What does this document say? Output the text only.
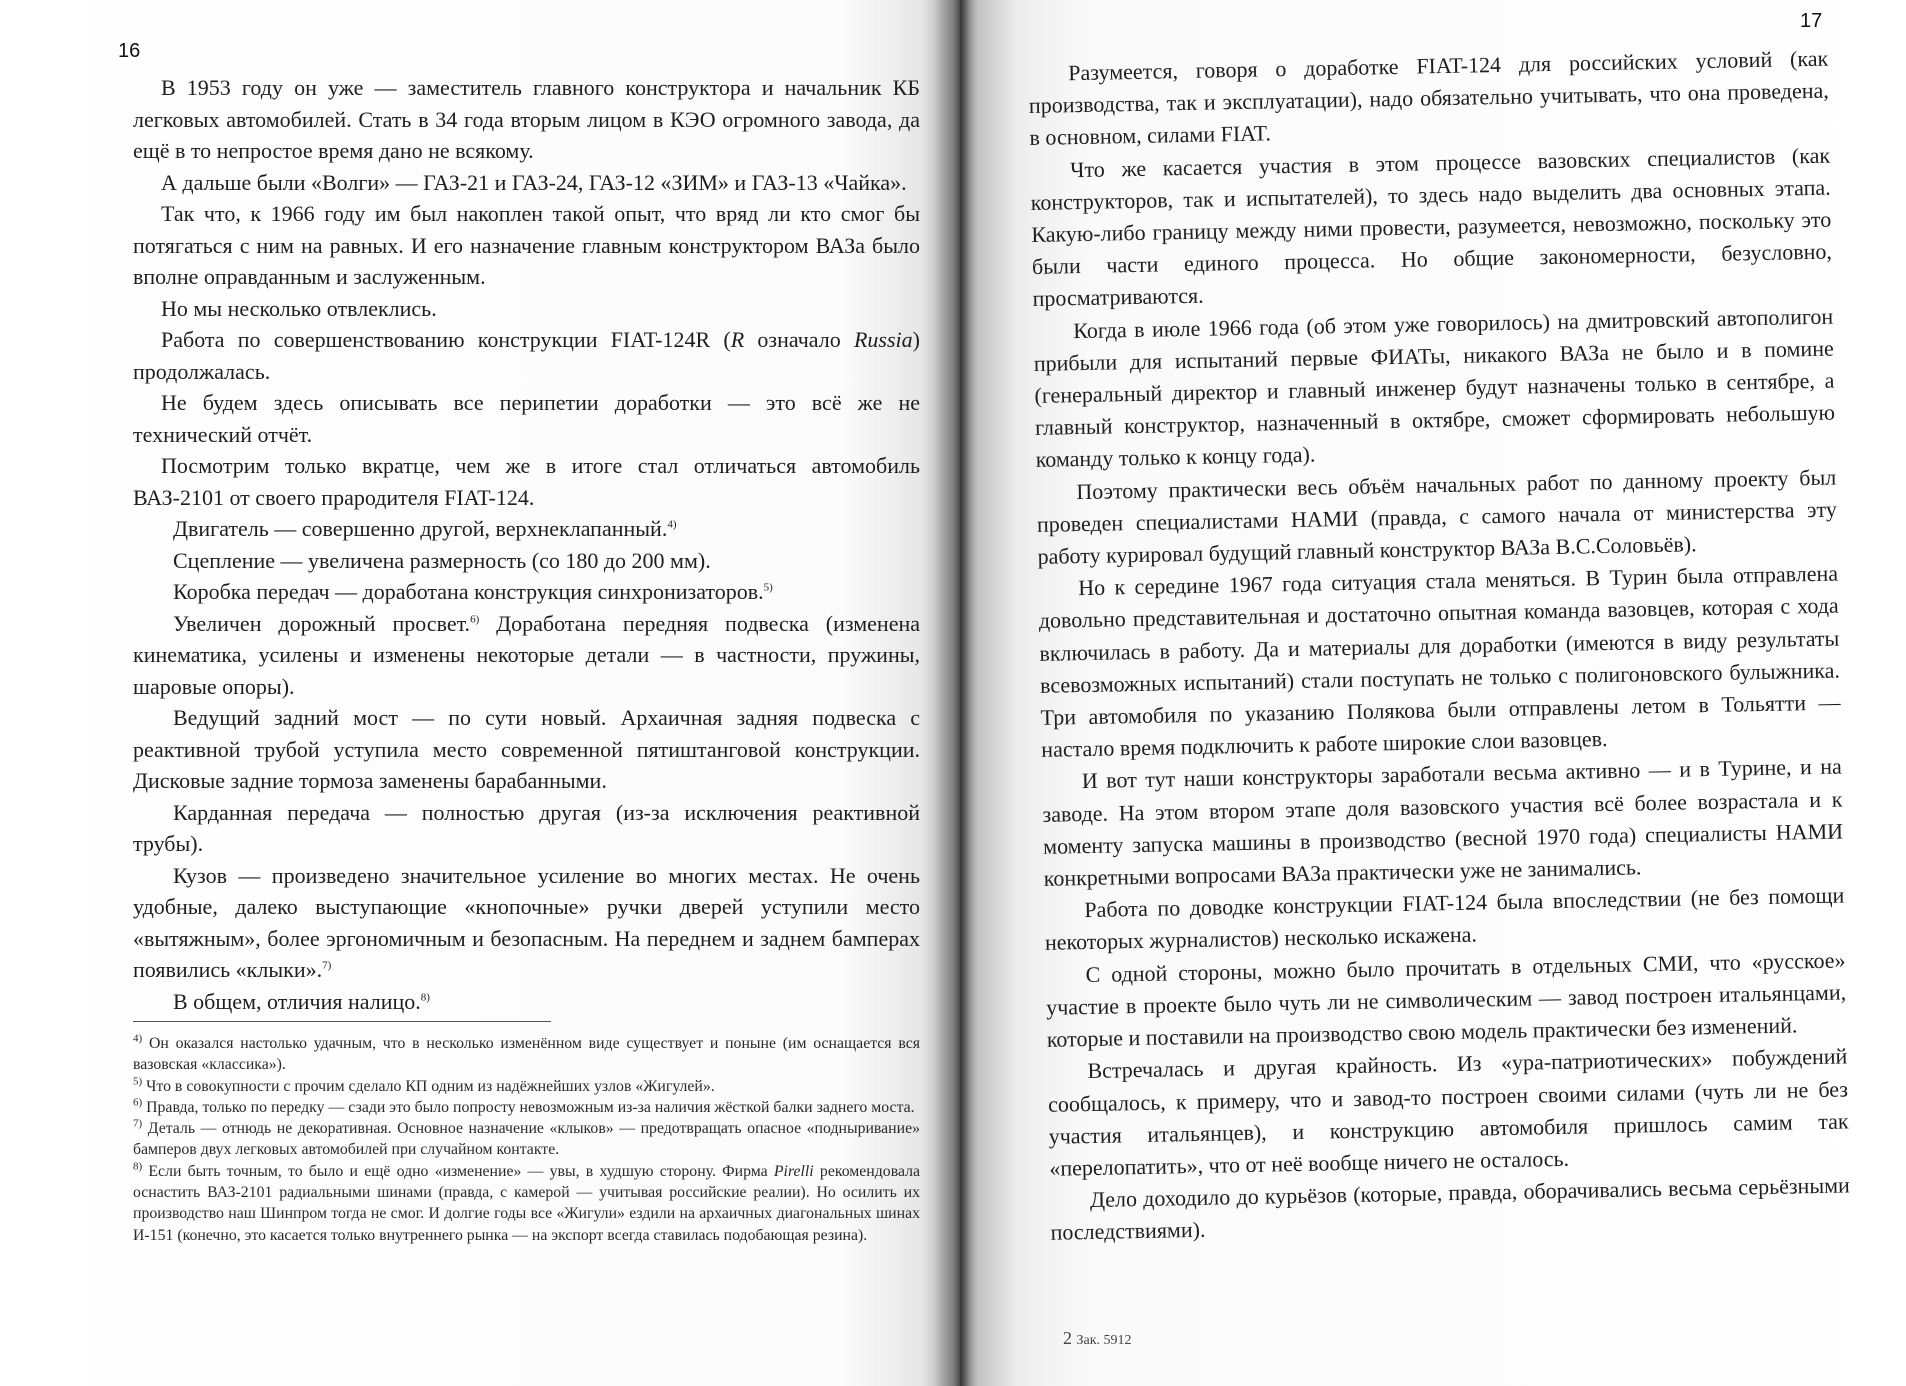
16
17

В 1953 году он уже — заместитель главного конструктора и начальник КБ легковых автомобилей. Стать в 34 года вторым лицом в КЭО огромного завода, да ещё в то непростое время дано не всякому.

А дальше были «Волги» — ГАЗ-21 и ГАЗ-24, ГАЗ-12 «ЗИМ» и ГАЗ-13 «Чайка».

Так что, к 1966 году им был накоплен такой опыт, что вряд ли кто смог бы потягаться с ним на равных. И его назначение главным конструктором ВАЗа было вполне оправданным и заслуженным.

Но мы несколько отвлеклись.

Работа по совершенствованию конструкции FIAT-124R (R означало Russia) продолжалась.

Не будем здесь описывать все перипетии доработки — это всё же не технический отчёт.

Посмотрим только вкратце, чем же в итоге стал отличаться автомобиль ВАЗ-2101 от своего прародителя FIAT-124.

Двигатель — совершенно другой, верхнеклапанный.$^{4)}$

Сцепление — увеличена размерность (со 180 до 200 мм).

Коробка передач — доработана конструкция синхронизаторов.$^{5)}$

Увеличен дорожный просвет.$^{6)}$ Доработана передняя подвеска (изменена кинематика, усилены и изменены некоторые детали — в частности, пружины, шаровые опоры).

Ведущий задний мост — по сути новый. Архаичная задняя подвеска с реактивной трубой уступила место современной пятиштанговой конструкции. Дисковые задние тормоза заменены барабанными.

Карданная передача — полностью другая (из-за исключения реактивной трубы).

Кузов — произведено значительное усиление во многих местах. Не очень удобные, далеко выступающие «кнопочные» ручки дверей уступили место «вытяжным», более эргономичным и безопасным. На переднем и заднем бамперах появились «клыки».$^{7)}$

В общем, отличия налицо.$^{8)}$

$^{4)}$ Он оказался настолько удачным, что в несколько изменённом виде существует и поныне (им оснащается вся вазовская «классика»).

$^{5)}$ Что в совокупности с прочим сделало КП одним из надёжнейших узлов «Жигулей».

$^{6)}$ Правда, только по передку — сзади это было попросту невозможным из-за наличия жёсткой балки заднего моста.

$^{7)}$ Деталь — отнюдь не декоративная. Основное назначение «клыков» — предотвращать опасное «подныривание» бамперов двух легковых автомобилей при случайном контакте.

$^{8)}$ Если быть точным, то было и ещё одно «изменение» — увы, в худшую сторону. Фирма Pirelli рекомендовала оснастить ВАЗ-2101 радиальными шинами (правда, с камерой — учитывая российские реалии). Но осилить их производство наш Шинпром тогда не смог. И долгие годы все «Жигули» ездили на архаичных диагональных шинах И-151 (конечно, это касается только внутреннего рынка — на экспорт всегда ставилась подобающая резина).

Разумеется, говоря о доработке FIAT-124 для российских условий (как производства, так и эксплуатации), надо обязательно учитывать, что она проведена, в основном, силами FIAT.

Что же касается участия в этом процессе вазовских специалистов (как конструкторов, так и испытателей), то здесь надо выделить два основных этапа. Какую-либо границу между ними провести, разумеется, невозможно, поскольку это были части единого процесса. Но общие закономерности, безусловно, просматриваются.

Когда в июле 1966 года (об этом уже говорилось) на дмитровский автополигон прибыли для испытаний первые ФИАТы, никакого ВАЗа не было и в помине (генеральный директор и главный инженер будут назначены только в сентябре, а главный конструктор, назначенный в октябре, сможет сформировать небольшую команду только к концу года).

Поэтому практически весь объём начальных работ по данному проекту был проведен специалистами НАМИ (правда, с самого начала от министерства эту работу курировал будущий главный конструктор ВАЗа В.С.Соловьёв).

Но к середине 1967 года ситуация стала меняться. В Турин была отправлена довольно представительная и достаточно опытная команда вазовцев, которая с хода включилась в работу. Да и материалы для доработки (имеются в виду результаты всевозможных испытаний) стали поступать не только с полигоновского булыжника. Три автомобиля по указанию Полякова были отправлены летом в Тольятти — настало время подключить к работе широкие слои вазовцев.

И вот тут наши конструкторы заработали весьма активно — и в Турине, и на заводе. На этом втором этапе доля вазовского участия всё более возрастала и к моменту запуска машины в производство (весной 1970 года) специалисты НАМИ конкретными вопросами ВАЗа практически уже не занимались.

Работа по доводке конструкции FIAT-124 была впоследствии (не без помощи некоторых журналистов) несколько искажена.

С одной стороны, можно было прочитать в отдельных СМИ, что «русское» участие в проекте было чуть ли не символическим — завод построен итальянцами, которые и поставили на производство свою модель практически без изменений.

Встречалась и другая крайность. Из «ура-патриотических» побуждений сообщалось, к примеру, что и завод-то построен своими силами (чуть ли не без участия итальянцев), и конструкцию автомобиля пришлось самим так «перелопатить», что от неё вообще ничего не осталось.

Дело доходило до курьёзов (которые, правда, оборачивались весьма серьёзными последствиями).

2 Зак. 5912
